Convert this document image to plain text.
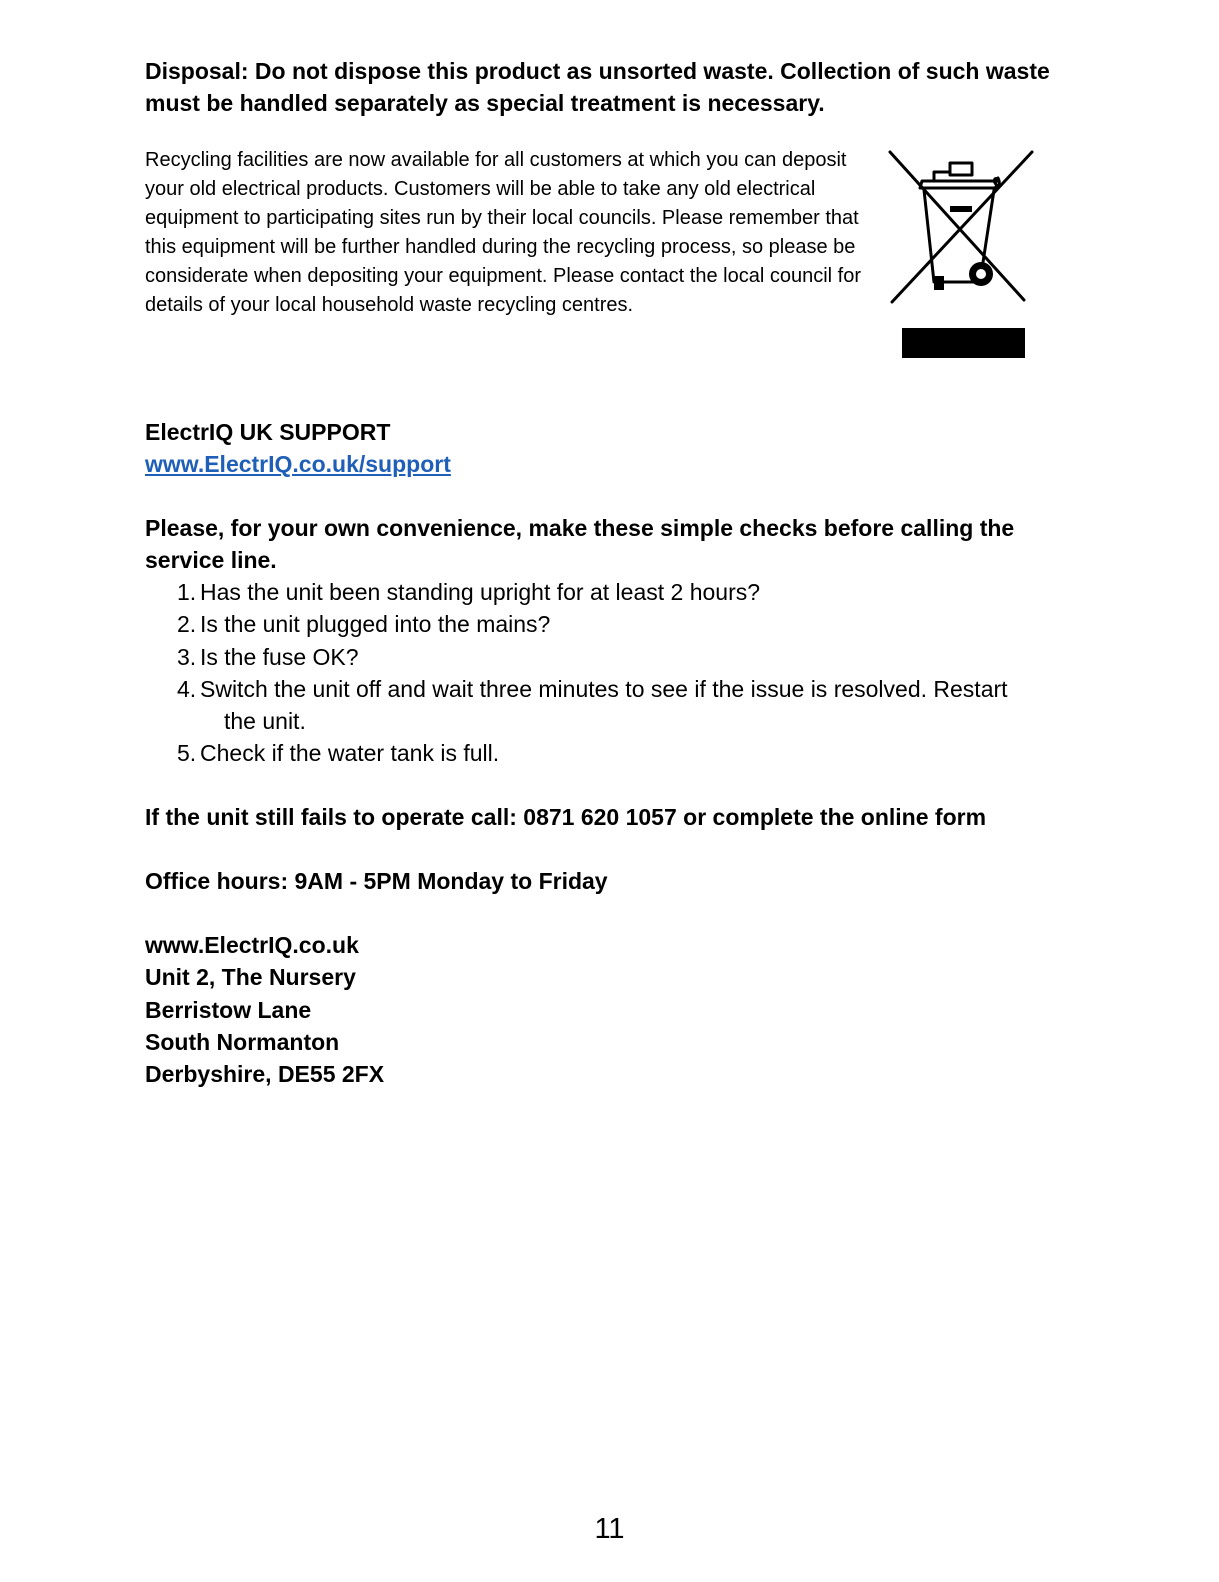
Disposal: Do not dispose this product as unsorted waste. Collection of such waste must be handled separately as special treatment is necessary.
Recycling facilities are now available for all customers at which you can deposit your old electrical products. Customers will be able to take any old electrical equipment to participating sites run by their local councils. Please remember that this equipment will be further handled during the recycling process, so please be considerate when depositing your equipment. Please contact the local council for details of your local household waste recycling centres.
ElectrIQ UK SUPPORT
www.ElectrIQ.co.uk/support
Please, for your own convenience, make these simple checks before calling the service line.
1. Has the unit been standing upright for at least 2 hours?
2. Is the unit plugged into the mains?
3. Is the fuse OK?
4. Switch the unit off and wait three minutes to see if the issue is resolved. Restart
the unit.
5. Check if the water tank is full.
If the unit still fails to operate call: 0871 620 1057 or complete the online form
Office hours: 9AM - 5PM Monday to Friday
www.ElectrIQ.co.uk
Unit 2, The Nursery
Berristow Lane
South Normanton
Derbyshire, DE55 2FX
11
